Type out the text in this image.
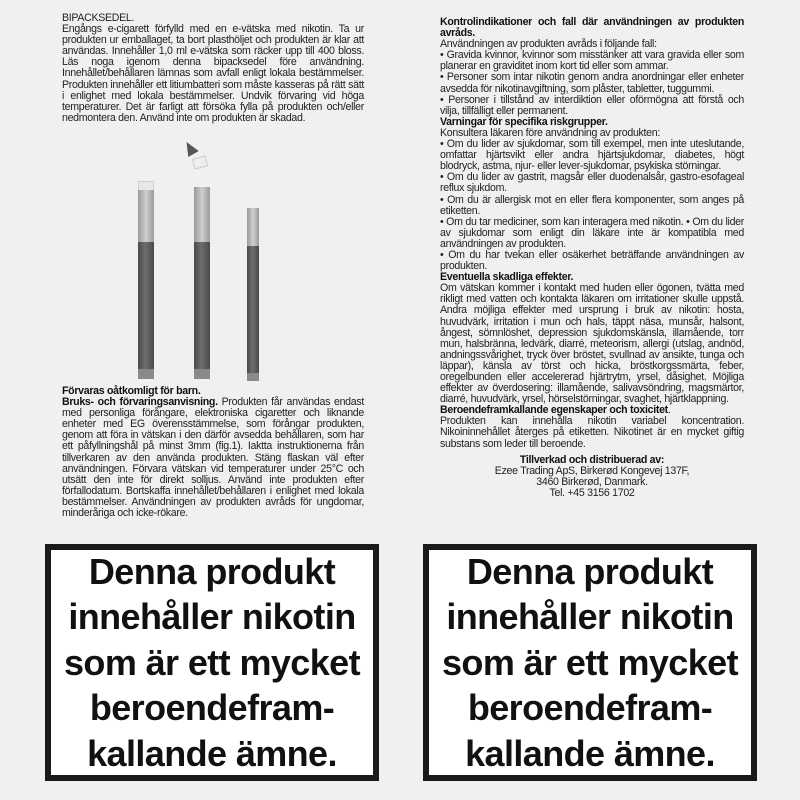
BIPACKSEDEL.

Engångs e-cigarett förfylld med en e-vätska med nikotin. Ta ur produkten ur emballaget, ta bort plasthöljet och produkten är klar att användas. Innehåller 1,0 ml e-vätska som räcker upp till 400 bloss. Läs noga igenom denna bipacksedel före användning. Innehållet/behållaren lämnas som avfall enligt lokala bestämmelser. Produkten innehåller ett litiumbatteri som måste kasseras på rätt sätt i enlighet med lokala bestämmelser. Undvik förvaring vid höga temperaturer. Det är farligt att försöka fylla på produkten och/eller nedmontera den. Använd inte om produkten är skadad.

Förvaras oåtkomligt för barn.

Bruks- och förvaringsanvisning. Produkten får användas endast med personliga förångare, elektroniska cigaretter och liknande enheter med EG överensstämmelse, som förångar produkten, genom att föra in vätskan i den därför avsedda behållaren, som har ett påfyllningshål på minst 3mm (fig.1). Iaktta instruktionerna från tillverkaren av den använda produkten. Stäng flaskan väl efter användningen. Förvara vätskan vid temperaturer under 25°C och utsätt den inte för direkt solljus. Använd inte produkten efter förfallodatum. Bortskaffa innehållet/behållaren i enlighet med lokala bestämmelser. Användningen av produkten avråds för ungdomar, minderåriga och icke-rökare.

Kontrolindikationer och fall där användningen av produkten avråds.

Användningen av produkten avråds i följande fall:

• Gravida kvinnor, kvinnor som misstänker att vara gravida eller som planerar en graviditet inom kort tid eller som ammar.

• Personer som intar nikotin genom andra anordningar eller enheter avsedda för nikotinavgiftning, som plåster, tabletter, tuggummi.

• Personer i tillstånd av interdiktion eller oförmögna att förstå och vilja, tillfälligt eller permanent.

Varningar för specifika riskgrupper.

Konsultera läkaren före användning av produkten:

• Om du lider av sjukdomar, som till exempel, men inte uteslutande, omfattar hjärtsvikt eller andra hjärtsjukdomar, diabetes, högt blodryck, astma, njur- eller lever-sjukdomar, psykiska störningar.

• Om du lider av gastrit, magsår eller duodenalsår, gastro-esofageal reflux sjukdom.

• Om du är allergisk mot en eller flera komponenter, som anges på etiketten.

• Om du tar mediciner, som kan interagera med nikotin. • Om du lider av sjukdomar som enligt din läkare inte är kompatibla med användningen av produkten.

• Om du har tvekan eller osäkerhet beträffande användningen av produkten.

Eventuella skadliga effekter.

Om vätskan kommer i kontakt med huden eller ögonen, tvätta med rikligt med vatten och kontakta läkaren om irritationer skulle uppstå. Andra möjliga effekter med ursprung i bruk av nikotin: hosta, huvudvärk, irritation i mun och hals, täppt näsa, munsår, halsont, ångest, sömnlöshet, depression sjukdomskänsla, illamående, torr mun, halsbränna, ledvärk, diarré, meteorism, allergi (utslag, andnöd, andningssvårighet, tryck över bröstet, svullnad av ansikte, tunga och läppar), känsla av törst och hicka, bröstkorgssmärta, feber, oregelbunden eller accelererad hjärtrytm, yrsel, dåsighet. Möjliga effekter av överdosering: illamående, salivavsöndring, magsmärtor, diarré, huvudvärk, yrsel, hörselstörningar, svaghet, hjärtklappning.

Beroendeframkallande egenskaper och toxicitet.

Produkten kan innehålla nikotin variabel koncentration. Nikoininnehållet återges på etiketten. Nikotinet är en mycket giftig substans som leder till beroende.

Tillverkad och distribuerad av:

Ezee Trading ApS, Birkerød Kongevej 137F,

3460 Birkerød, Danmark.

Tel. +45 3156 1702

Denna produkt
innehåller nikotin
som är ett mycket
beroendefram-
kallande ämne.
Denna produkt
innehåller nikotin
som är ett mycket
beroendefram-
kallande ämne.
